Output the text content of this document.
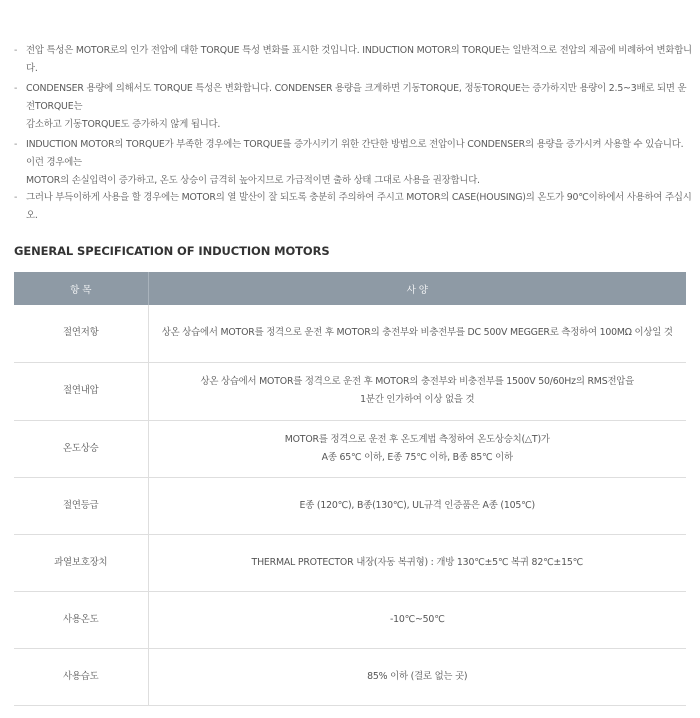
- 전압 특성은 MOTOR로의 인가 전압에 대한 TORQUE 특성 변화를 표시한 것입니다. INDUCTION MOTOR의 TORQUE는 일반적으로 전압의 제곱에 비례하여 변화합니다.
- CONDENSER 용량에 의해서도 TORQUE 특성은 변화합니다. CONDENSER 용량을 크게하면 기동TORQUE, 정동TORQUE는 증가하지만 용량이 2.5~3배로 되면 운전TORQUE는
감소하고 기동TORQUE도 증가하지 않게 됩니다.
- INDUCTION MOTOR의 TORQUE가 부족한 경우에는 TORQUE를 증가시키기 위한 간단한 방법으로 전압이나 CONDENSER의 용량을 증가시켜 사용할 수 있습니다. 이런 경우에는
MOTOR의 손실입력이 증가하고, 온도 상승이 급격히 높아지므로 가급적이면 출하 상태 그대로 사용을 권장합니다.
- 그러나 부득이하게 사용을 할 경우에는 MOTOR의 열 발산이 잘 되도록 충분히 주의하여 주시고 MOTOR의 CASE(HOUSING)의 온도가 90℃이하에서 사용하여 주십시오.
GENERAL SPECIFICATION OF INDUCTION MOTORS
항 목	사 양
절연저항	상온 상습에서 MOTOR를 정격으로 운전 후 MOTOR의 충전부와 비충전부를 DC 500V MEGGER로 측정하여 100MΩ 이상일 것

절연내압	상온 상습에서 MOTOR를 정격으로 운전 후 MOTOR의 충전부와 비충전부를 1500V 50/60Hz의 RMS전압을
1분간 인가하여 이상 없을 것

온도상승	MOTOR를 정격으로 운전 후 온도계법 측정하여 온도상승치(△T)가
A종 65℃ 이하, E종 75℃ 이하, B종 85℃ 이하

절연등급	E종 (120℃), B종(130℃), UL규격 인증품은 A종 (105℃)

과열보호장치	THERMAL PROTECTOR 내장(자동 복귀형) : 개방 130℃±5℃ 복귀 82℃±15℃

사용온도	-10℃~50℃

사용습도	85% 이하 (결로 없는 곳)
